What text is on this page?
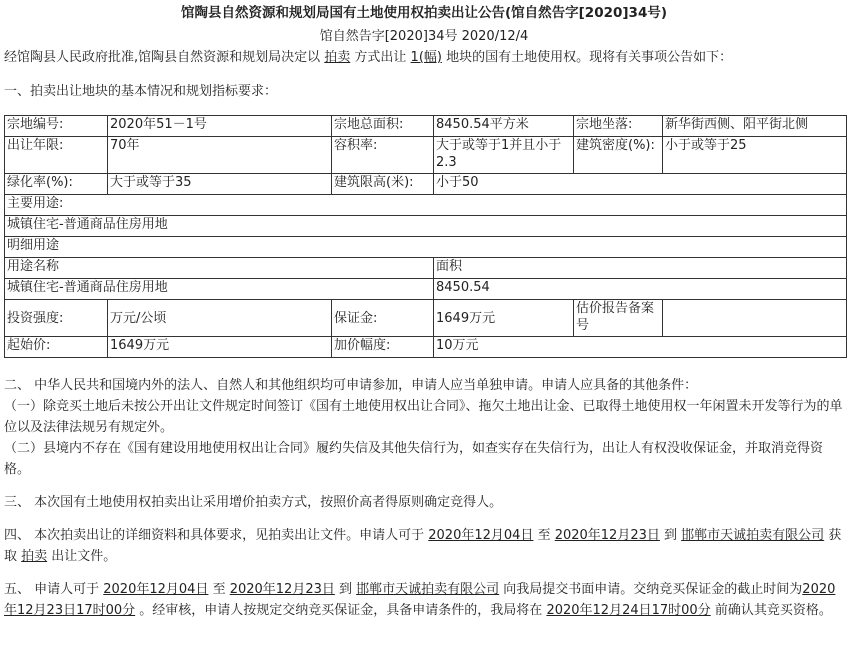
馆陶县自然资源和规划局国有土地使用权拍卖出让公告(馆自然告字[2020]34号)
馆自然告字[2020]34号 2020/12/4
经馆陶县人民政府批准,馆陶县自然资源和规划局决定以 拍卖 方式出让 1(幅) 地块的国有土地使用权。现将有关事项公告如下：
一、拍卖出让地块的基本情况和规划指标要求：
宗地编号:	2020年51－1号	宗地总面积:	8450.54平方米	宗地坐落:	新华街西侧、阳平街北侧
出让年限:	70年	容积率:	大于或等于1并且小于2.3	建筑密度(%):	小于或等于25
绿化率(%):	大于或等于35	建筑限高(米):	小于50		
主要用途:					
城镇住宅-普通商品住房用地					
明细用途					
用途名称			面积		
城镇住宅-普通商品住房用地			8450.54		
投资强度:	万元/公顷	保证金:	1649万元	估价报告备案号	
起始价:	1649万元	加价幅度:	10万元		
二、 中华人民共和国境内外的法人、自然人和其他组织均可申请参加，申请人应当单独申请。申请人应具备的其他条件：
（一）除竞买土地后未按公开出让文件规定时间签订《国有土地使用权出让合同》、拖欠土地出让金、已取得土地使用权一年闲置未开发等行为的单位以及法律法规另有规定外。
（二）县境内不存在《国有建设用地使用权出让合同》履约失信及其他失信行为，如查实存在失信行为，出让人有权没收保证金，并取消竞得资格。
三、 本次国有土地使用权拍卖出让采用增价拍卖方式，按照价高者得原则确定竞得人。
四、 本次拍卖出让的详细资料和具体要求，见拍卖出让文件。申请人可于 2020年12月04日 至 2020年12月23日 到 邯郸市天诚拍卖有限公司 获取 拍卖 出让文件。
五、 申请人可于 2020年12月04日 至 2020年12月23日 到 邯郸市天诚拍卖有限公司 向我局提交书面申请。交纳竞买保证金的截止时间为2020年12月23日17时00分 。经审核，申请人按规定交纳竞买保证金，具备申请条件的，我局将在 2020年12月24日17时00分 前确认其竞买资格。
